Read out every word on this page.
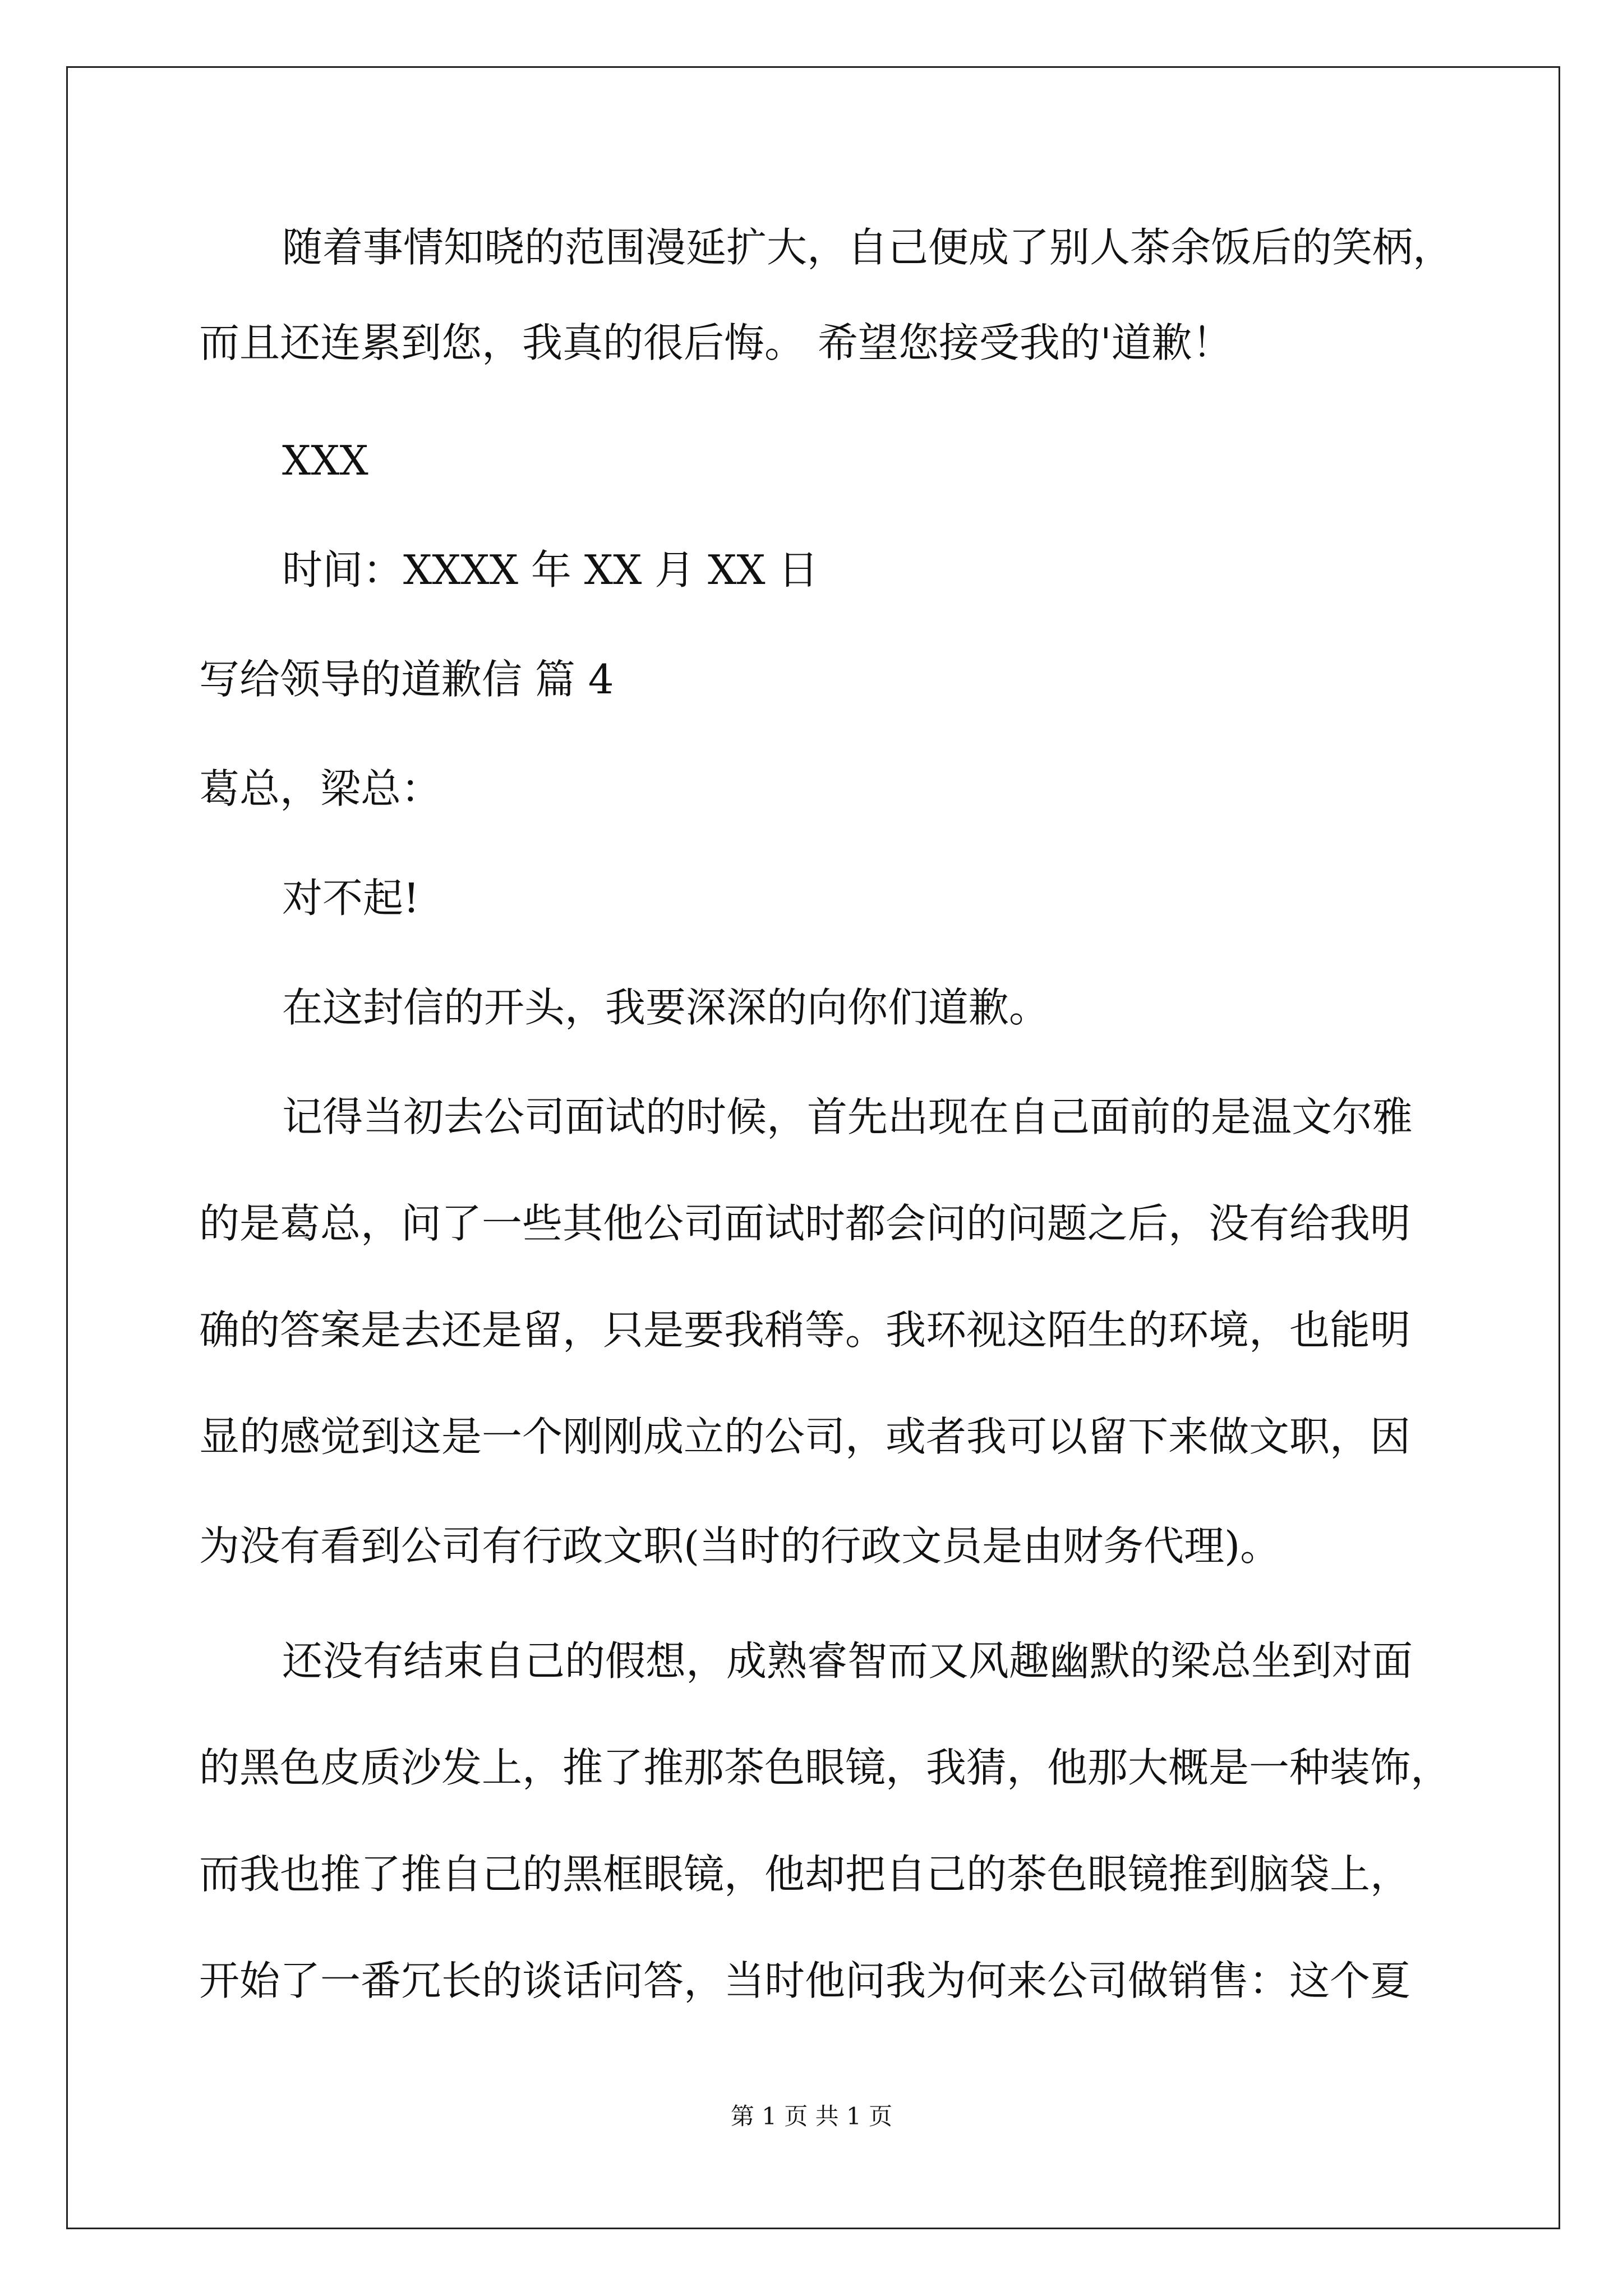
随着事情知晓的范围漫延扩大，自己便成了别人茶余饭后的笑柄，
而且还连累到您，我真的很后悔。 希望您接受我的'道歉！
XXX
时间：XXXX 年 XX 月 XX 日
写给领导的道歉信 篇 4
葛总，梁总：
对不起!
在这封信的开头，我要深深的向你们道歉。
记得当初去公司面试的时候，首先出现在自己面前的是温文尔雅
的是葛总，问了一些其他公司面试时都会问的问题之后，没有给我明
确的答案是去还是留，只是要我稍等。我环视这陌生的环境，也能明
显的感觉到这是一个刚刚成立的公司，或者我可以留下来做文职，因
为没有看到公司有行政文职(当时的行政文员是由财务代理)。
还没有结束自己的假想，成熟睿智而又风趣幽默的梁总坐到对面
的黑色皮质沙发上，推了推那茶色眼镜，我猜，他那大概是一种装饰，
而我也推了推自己的黑框眼镜，他却把自己的茶色眼镜推到脑袋上，
开始了一番冗长的谈话问答，当时他问我为何来公司做销售：这个夏
第 1 页 共 1 页
